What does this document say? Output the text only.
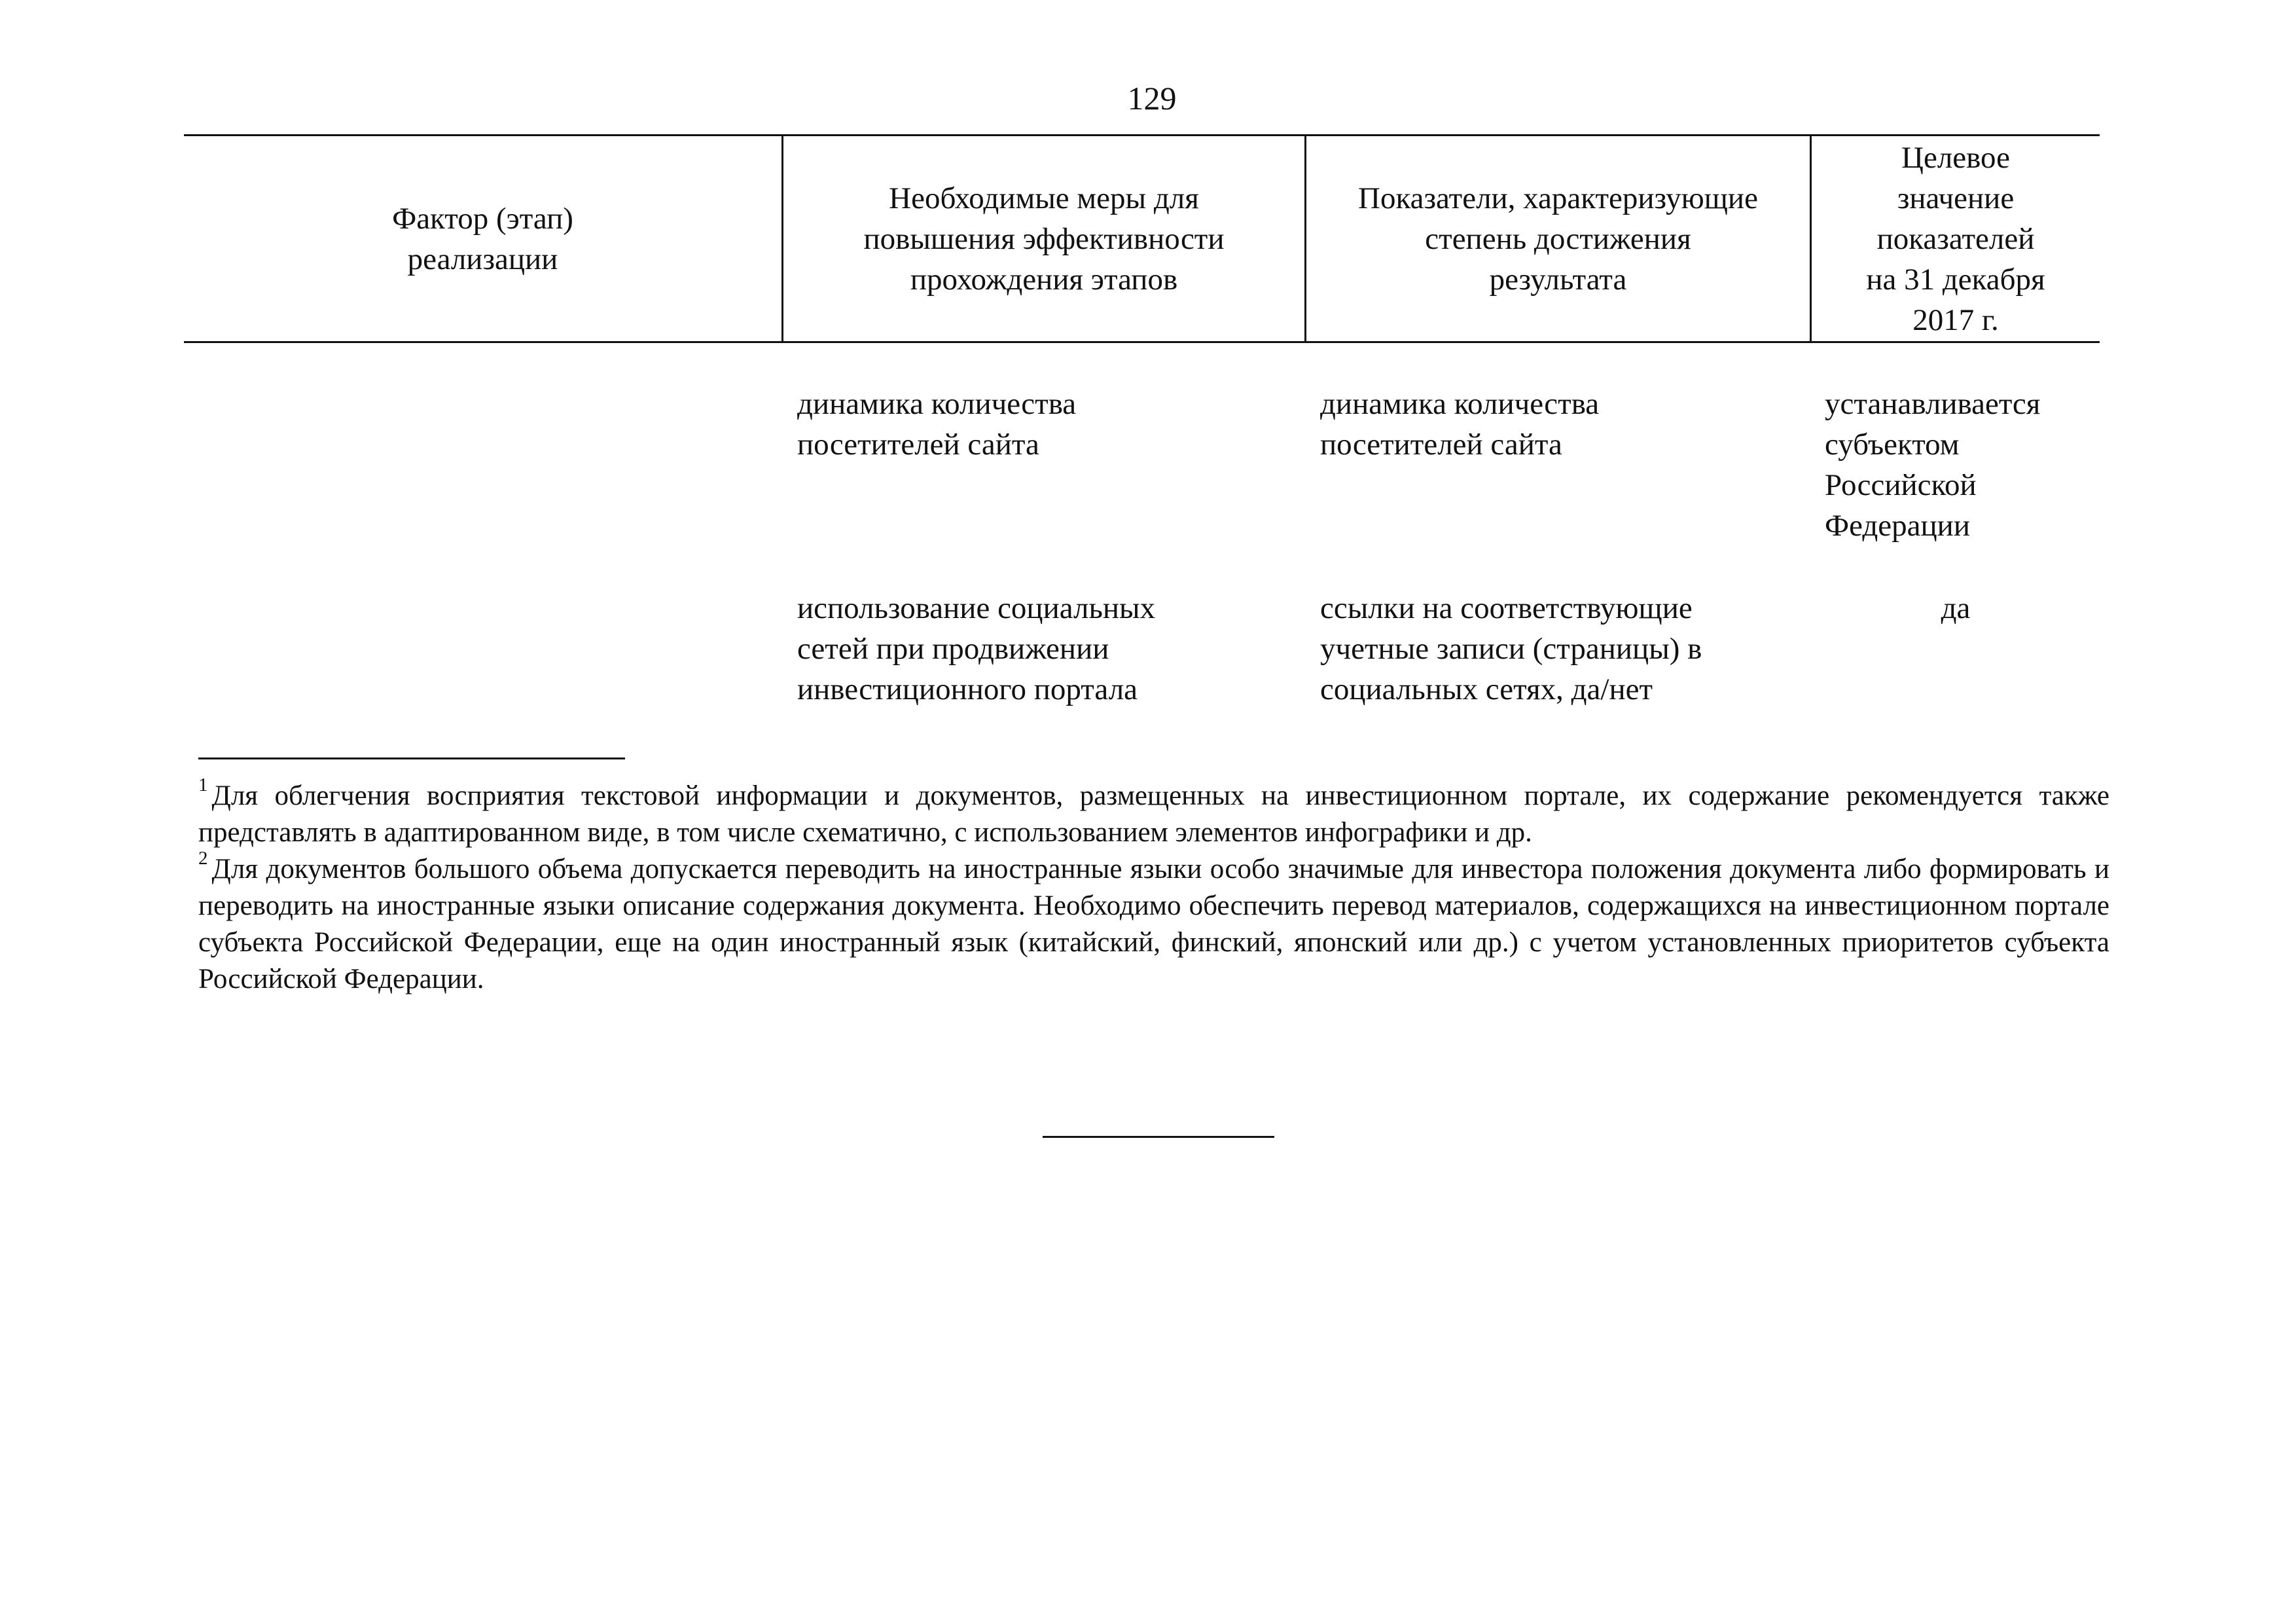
129
Фактор (этап)
реализации
Необходимые меры для
повышения эффективности
прохождения этапов
Показатели, характеризующие
степень достижения
результата
Целевое
значение
показателей
на 31 декабря
2017 г.
динамика количества
посетителей сайта
динамика количества
посетителей сайта
устанавливается
субъектом
Российской
Федерации
использование социальных
сетей при продвижении
инвестиционного портала
ссылки на соответствующие
учетные записи (страницы) в
социальных сетях, да/нет
да

$^1$ Для облегчения восприятия текстовой информации и документов, размещенных на инвестиционном портале, их содержание рекомендуется также представлять в адаптированном виде, в том числе схематично, с использованием элементов инфографики и др.

$^2$ Для документов большого объема допускается переводить на иностранные языки особо значимые для инвестора положения документа либо формировать и переводить на иностранные языки описание содержания документа. Необходимо обеспечить перевод материалов, содержащихся на инвестиционном портале субъекта Российской Федерации, еще на один иностранный язык (китайский, финский, японский или др.) с учетом установленных приоритетов субъекта Российской Федерации.
